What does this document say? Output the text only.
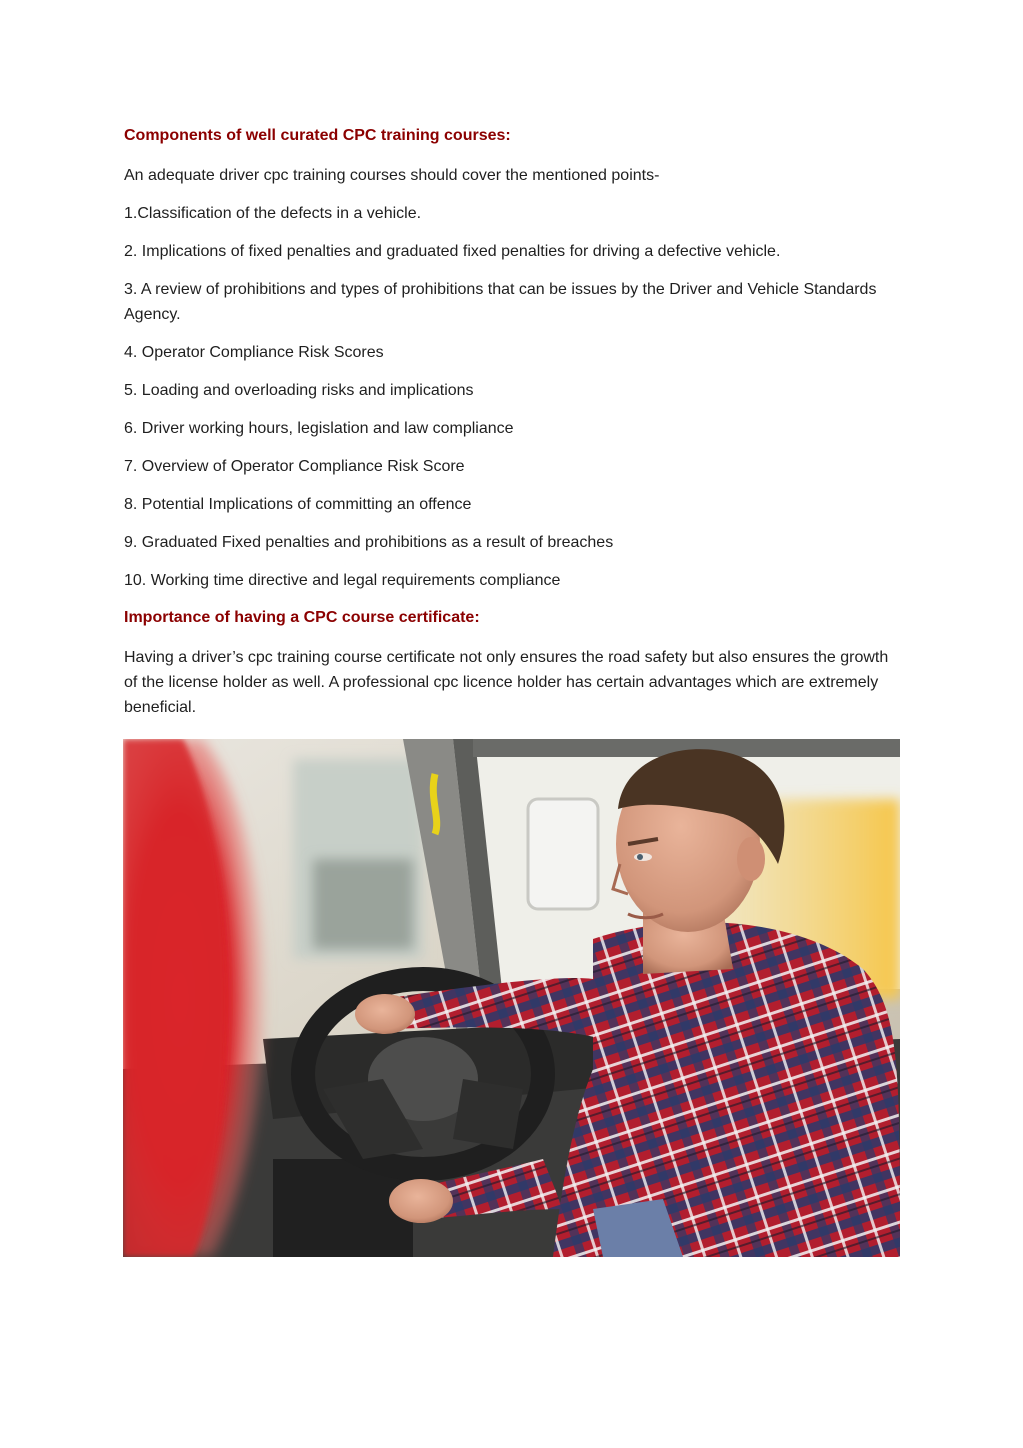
Components of well curated CPC training courses:
An adequate driver cpc training courses should cover the mentioned points-
1.Classification of the defects in a vehicle.
2. Implications of fixed penalties and graduated fixed penalties for driving a defective vehicle.
3. A review of prohibitions and types of prohibitions that can be issues by the Driver and Vehicle Standards Agency.
4. Operator Compliance Risk Scores
5. Loading and overloading risks and implications
6. Driver working hours, legislation and law compliance
7. Overview of Operator Compliance Risk Score
8. Potential Implications of committing an offence
9. Graduated Fixed penalties and prohibitions as a result of breaches
10. Working time directive and legal requirements compliance
Importance of having a CPC course certificate:
Having a driver’s cpc training course certificate not only ensures the road safety but also ensures the growth of the license holder as well. A professional cpc licence holder has certain advantages which are extremely beneficial.
